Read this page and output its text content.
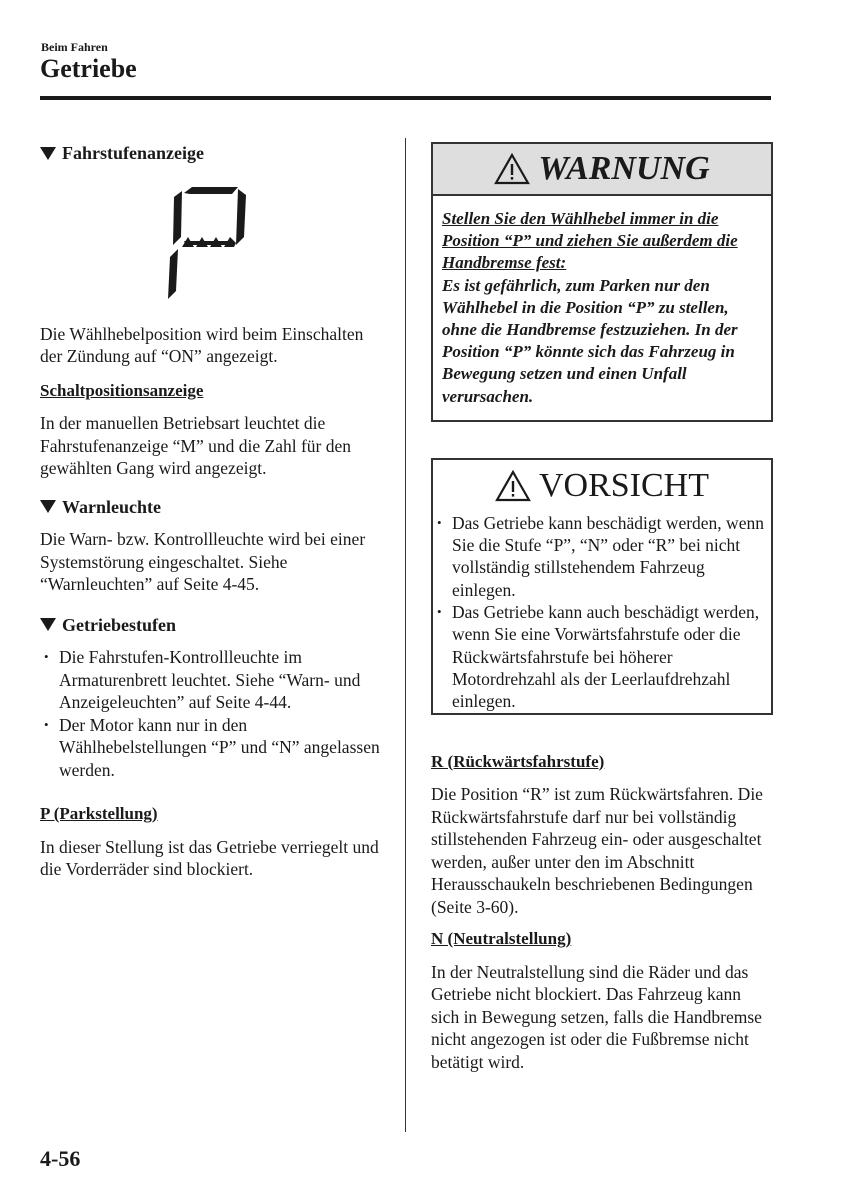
Beim Fahren
Getriebe
Fahrstufenanzeige

Die Wählhebelposition wird beim Einschalten der Zündung auf “ON” angezeigt.

Schaltpositionsanzeige

In der manuellen Betriebsart leuchtet die Fahrstufenanzeige “M” und die Zahl für den gewählten Gang wird angezeigt.

Warnleuchte

Die Warn- bzw. Kontrollleuchte wird bei einer Systemstörung eingeschaltet. Siehe “Warnleuchten” auf Seite 4-45.

Getriebestufen
• Die Fahrstufen-Kontrollleuchte im Armaturenbrett leuchtet. Siehe “Warn- und Anzeigeleuchten” auf Seite 4-44.
• Der Motor kann nur in den Wählhebelstellungen “P” und “N” angelassen werden.

P (Parkstellung)

In dieser Stellung ist das Getriebe verriegelt und die Vorderräder sind blockiert.

WARNUNG

Stellen Sie den Wählhebel immer in die Position “P” und ziehen Sie außerdem die Handbremse fest:

Es ist gefährlich, zum Parken nur den Wählhebel in die Position “P” zu stellen, ohne die Handbremse festzuziehen. In der Position “P” könnte sich das Fahrzeug in Bewegung setzen und einen Unfall verursachen.

VORSICHT
• Das Getriebe kann beschädigt werden, wenn Sie die Stufe “P”, “N” oder “R” bei nicht vollständig stillstehendem Fahrzeug einlegen.
• Das Getriebe kann auch beschädigt werden, wenn Sie eine Vorwärtsfahrstufe oder die Rückwärtsfahrstufe bei höherer Motordrehzahl als der Leerlaufdrehzahl einlegen.

R (Rückwärtsfahrstufe)

Die Position “R” ist zum Rückwärtsfahren. Die Rückwärtsfahrstufe darf nur bei vollständig stillstehenden Fahrzeug ein- oder ausgeschaltet werden, außer unter den im Abschnitt Herausschaukeln beschriebenen Bedingungen (Seite 3-60).

N (Neutralstellung)

In der Neutralstellung sind die Räder und das Getriebe nicht blockiert. Das Fahrzeug kann sich in Bewegung setzen, falls die Handbremse nicht angezogen ist oder die Fußbremse nicht betätigt wird.

4-56
